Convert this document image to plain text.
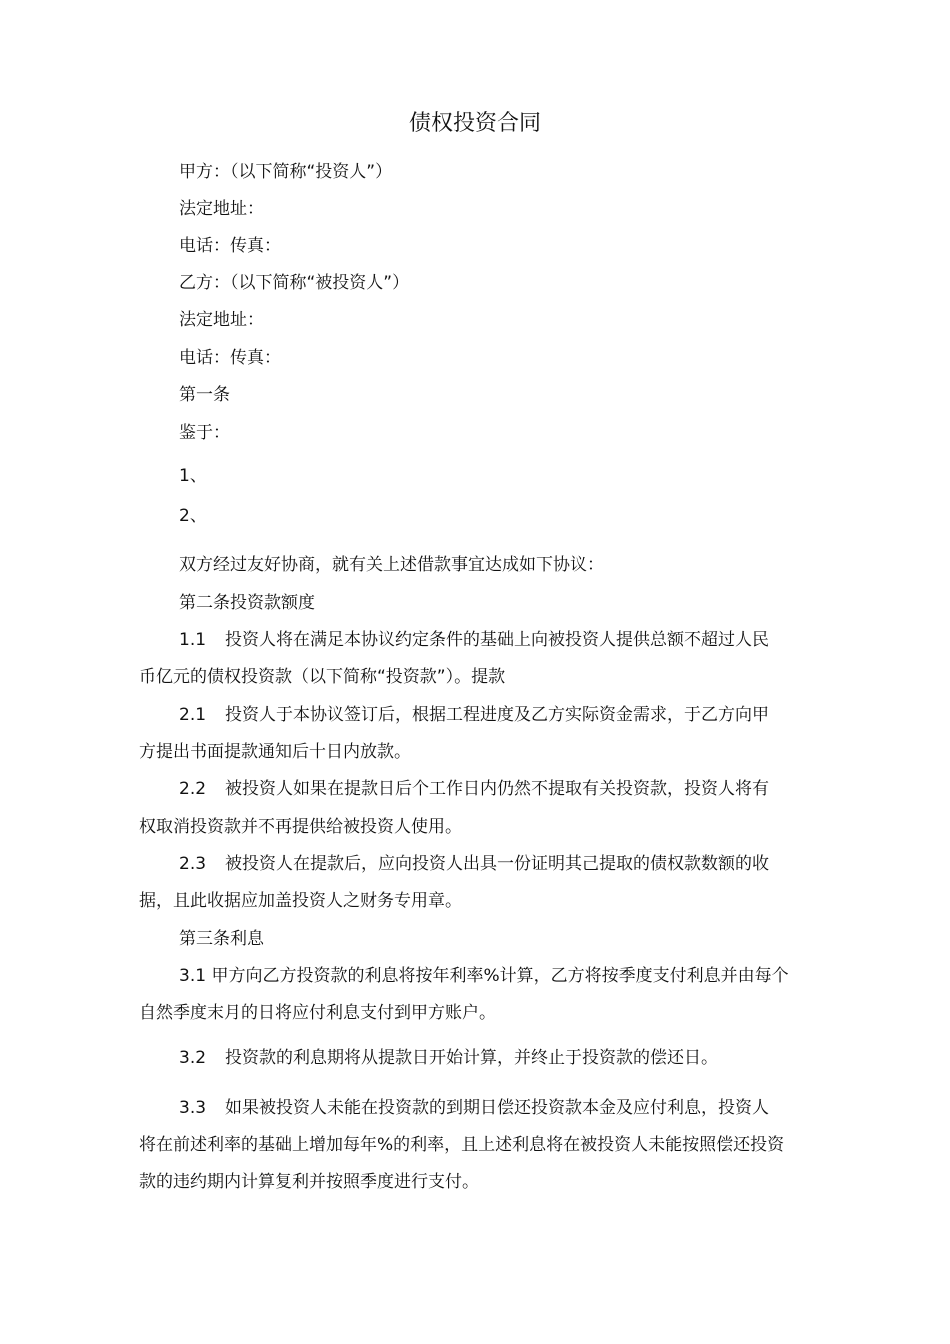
债权投资合同

甲方：（以下简称“投资人”）

法定地址：

电话：传真：

乙方：（以下简称“被投资人”）

法定地址：

电话：传真：

第一条

鉴于：

1、

2、

双方经过友好协商，就有关上述借款事宜达成如下协议：

第二条投资款额度

1.1 投资人将在满足本协议约定条件的基础上向被投资人提供总额不超过人民

币亿元的债权投资款（以下简称“投资款”）。提款

2.1 投资人于本协议签订后，根据工程进度及乙方实际资金需求，于乙方向甲

方提出书面提款通知后十日内放款。

2.2 被投资人如果在提款日后个工作日内仍然不提取有关投资款，投资人将有

权取消投资款并不再提供给被投资人使用。

2.3 被投资人在提款后，应向投资人出具一份证明其己提取的债权款数额的收

据，且此收据应加盖投资人之财务专用章。

第三条利息

3.1 甲方向乙方投资款的利息将按年利率%计算，乙方将按季度支付利息并由每个

自然季度末月的日将应付利息支付到甲方账户。

3.2 投资款的利息期将从提款日开始计算，并终止于投资款的偿还日。

3.3 如果被投资人未能在投资款的到期日偿还投资款本金及应付利息，投资人

将在前述利率的基础上增加每年%的利率，且上述利息将在被投资人未能按照偿还投资

款的违约期内计算复利并按照季度进行支付。
